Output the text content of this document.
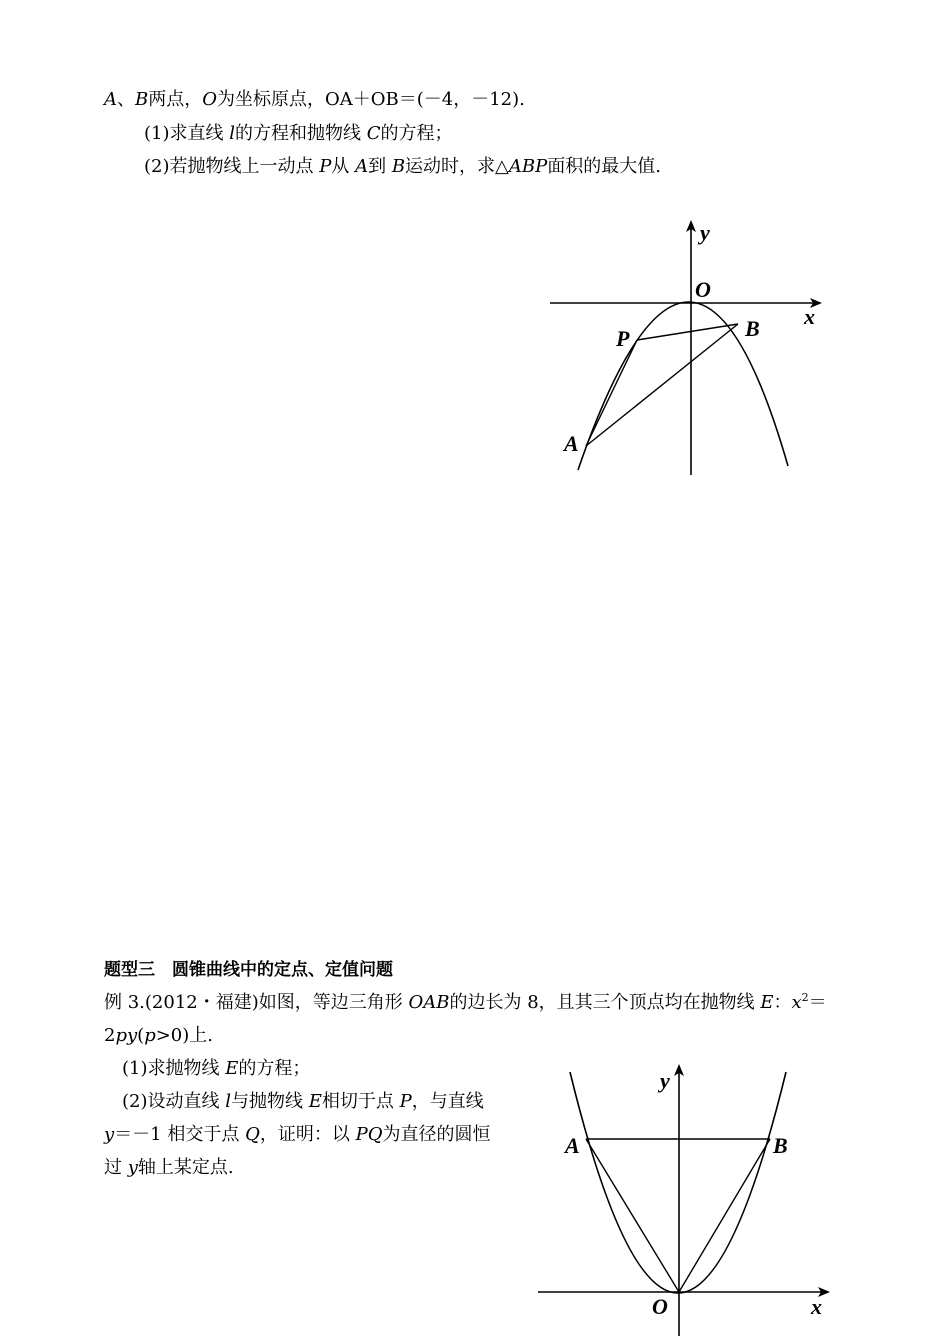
A、B两点，O为坐标原点，OA＋OB＝(－4，－12).
(1)求直线 l的方程和抛物线 C的方程；
(2)若抛物线上一动点 P从 A到 B运动时，求△ABP面积的最大值.
y
x
O
B
P
A
题型三　圆锥曲线中的定点、定值问题
例 3.(2012・福建)如图，等边三角形 OAB的边长为 8，且其三个顶点均在抛物线 E：$x^2=$
2py(p>0)上.
(1)求抛物线 E的方程；
(2)设动直线 l与抛物线 E相切于点 P，与直线
y＝－1 相交于点 Q，证明：以 PQ为直径的圆恒
过 y轴上某定点.
y
x
O
A	B
